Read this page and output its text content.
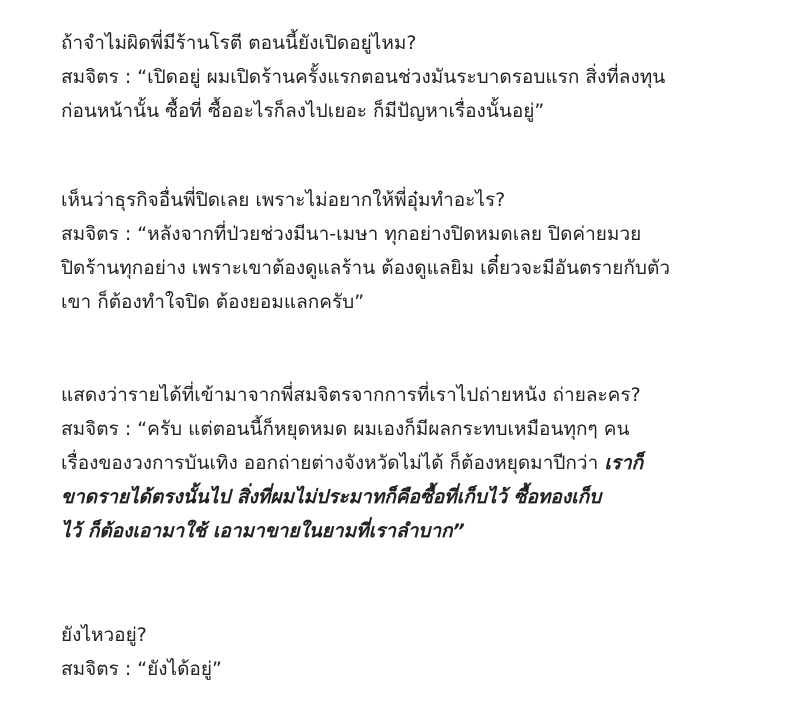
ถ้าจำไม่ผิดพี่มีร้านโรตี ตอนนี้ยังเปิดอยู่ไหม?
สมจิตร : “เปิดอยู่ ผมเปิดร้านครั้งแรกตอนช่วงมันระบาดรอบแรก สิ่งที่ลงทุน
ก่อนหน้านั้น ซื้อที่ ซื้ออะไรก็ลงไปเยอะ ก็มีปัญหาเรื่องนั้นอยู่”
เห็นว่าธุรกิจอื่นพี่ปิดเลย เพราะไม่อยากให้พี่อุ๋มทำอะไร?
สมจิตร : “หลังจากที่ป่วยช่วงมีนา-เมษา ทุกอย่างปิดหมดเลย ปิดค่ายมวย
ปิดร้านทุกอย่าง เพราะเขาต้องดูแลร้าน ต้องดูแลยิม เดี๋ยวจะมีอันตรายกับตัว
เขา ก็ต้องทำใจปิด ต้องยอมแลกครับ”
แสดงว่ารายได้ที่เข้ามาจากพี่สมจิตรจากการที่เราไปถ่ายหนัง ถ่ายละคร?
สมจิตร : “ครับ แต่ตอนนี้ก็หยุดหมด ผมเองก็มีผลกระทบเหมือนทุกๆ คน
เรื่องของวงการบันเทิง ออกถ่ายต่างจังหวัดไม่ได้ ก็ต้องหยุดมาปีกว่า เราก็
ขาดรายได้ตรงนั้นไป สิ่งที่ผมไม่ประมาทก็คือซื้อที่เก็บไว้ ซื้อทองเก็บ
ไว้ ก็ต้องเอามาใช้ เอามาขายในยามที่เราลำบาก”
ยังไหวอยู่?
สมจิตร : “ยังได้อยู่”
